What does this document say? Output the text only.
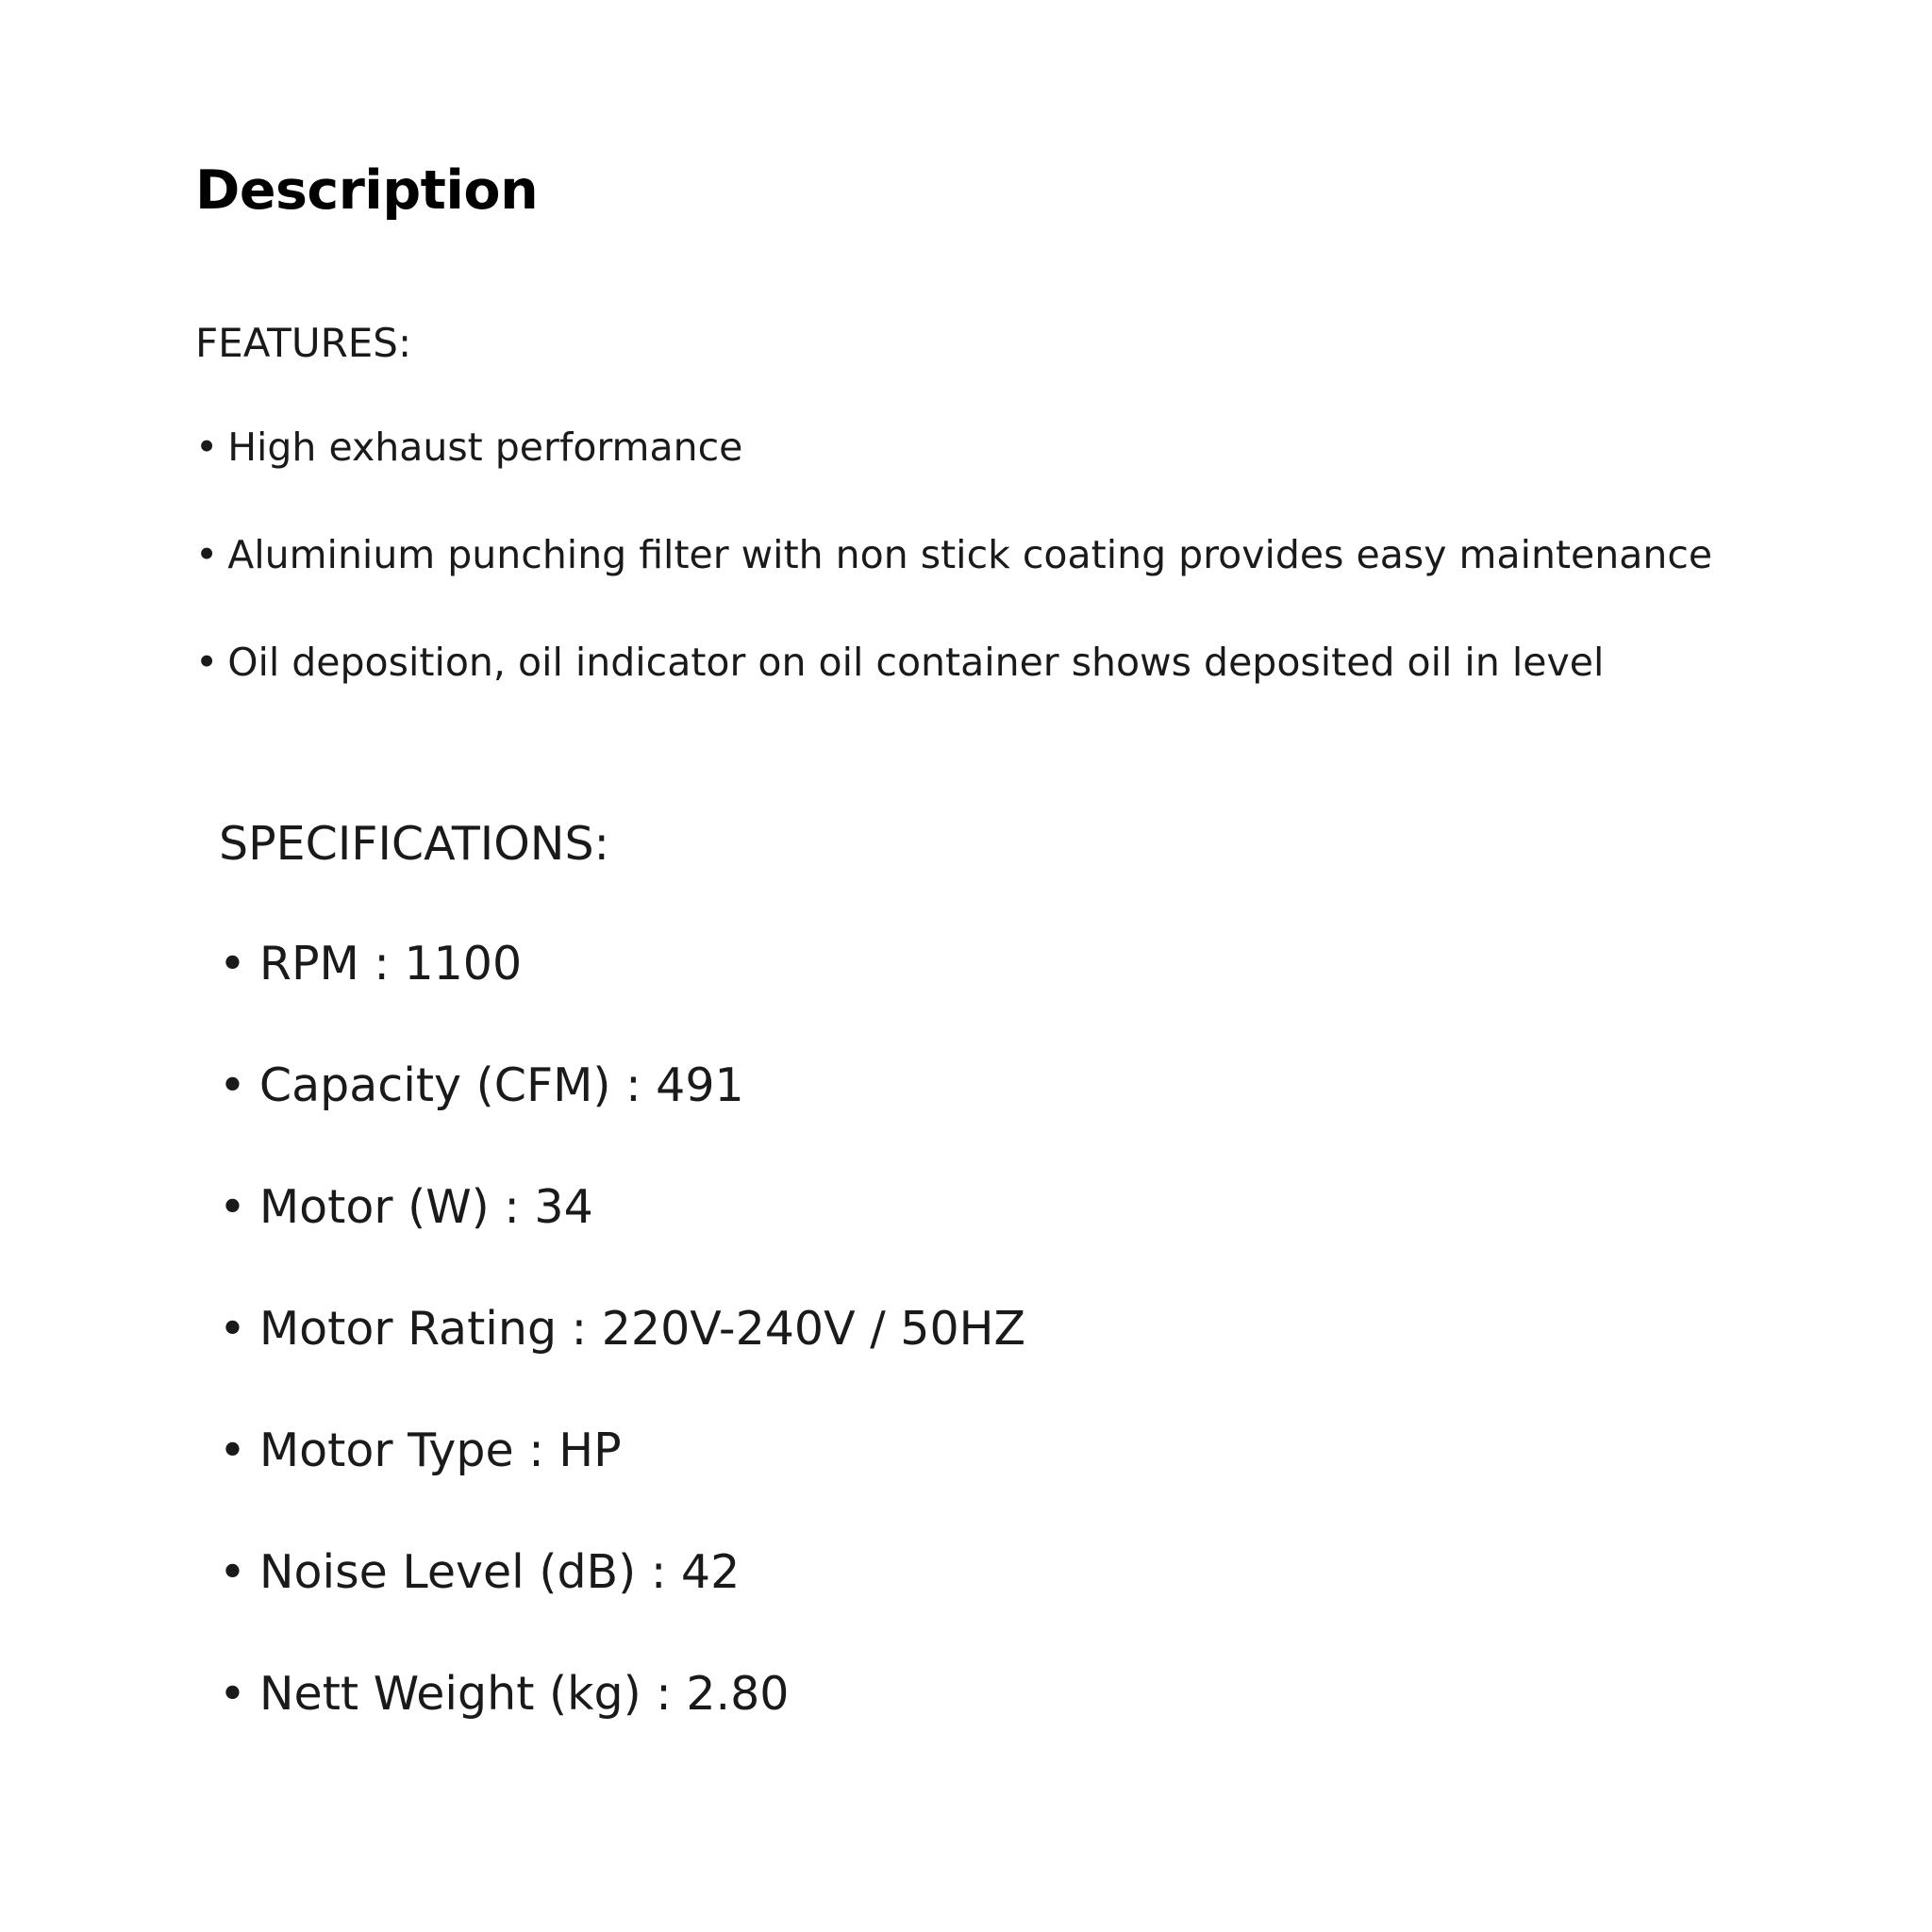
Description
FEATURES:
• High exhaust performance
• Aluminium punching filter with non stick coating provides easy maintenance
• Oil deposition, oil indicator on oil container shows deposited oil in level
SPECIFICATIONS:
• RPM : 1100
• Capacity (CFM) : 491
• Motor (W) : 34
• Motor Rating : 220V-240V / 50HZ
• Motor Type : HP
• Noise Level (dB) : 42
• Nett Weight (kg) : 2.80
